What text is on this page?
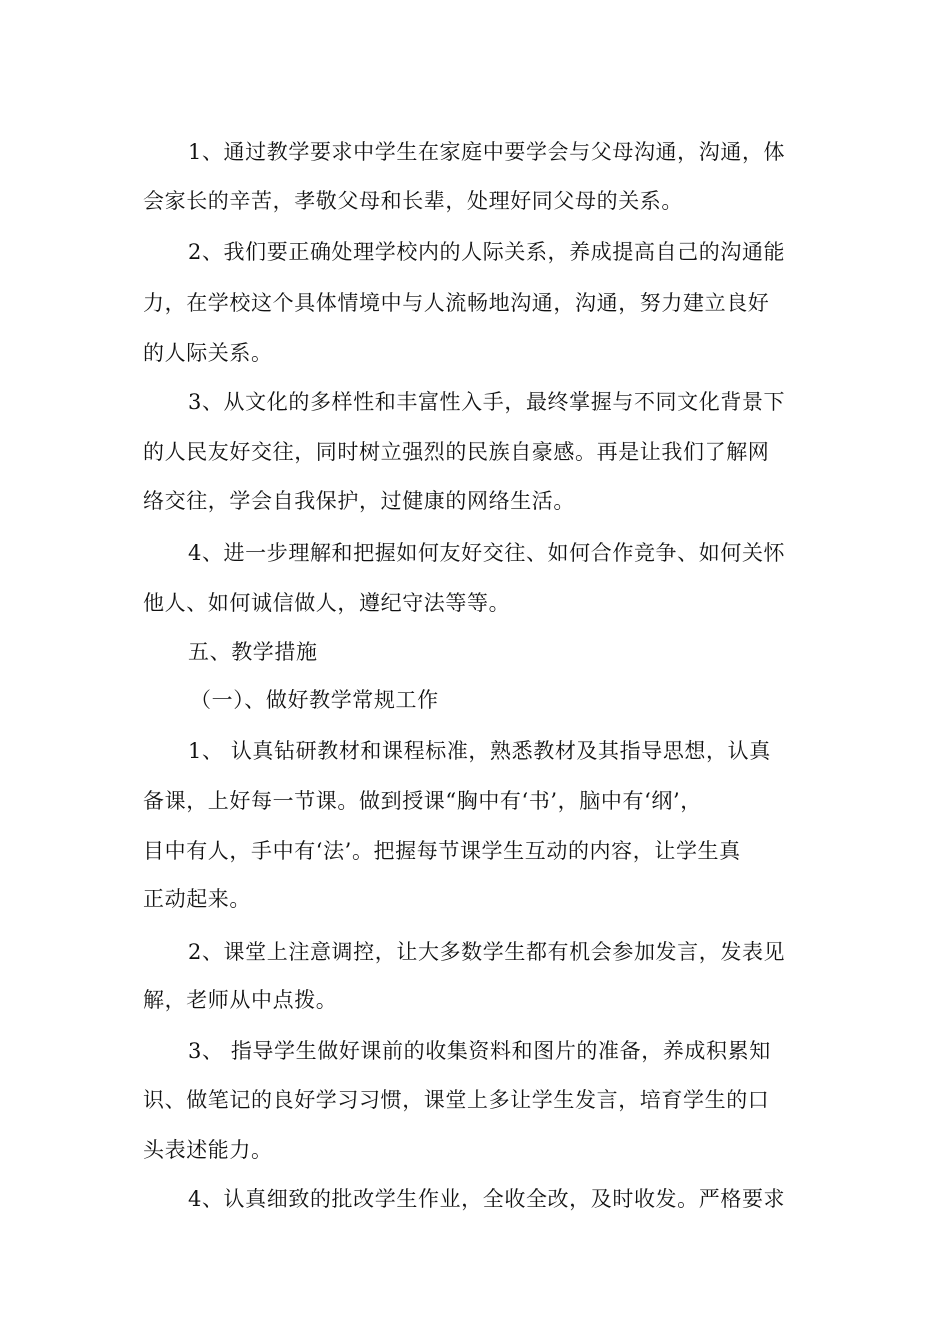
1、通过教学要求中学生在家庭中要学会与父母沟通，沟通，体
会家长的辛苦，孝敬父母和长辈，处理好同父母的关系。
2、我们要正确处理学校内的人际关系，养成提高自己的沟通能
力，在学校这个具体情境中与人流畅地沟通，沟通，努力建立良好
的人际关系。
3、从文化的多样性和丰富性入手，最终掌握与不同文化背景下
的人民友好交往，同时树立强烈的民族自豪感。再是让我们了解网
络交往，学会自我保护，过健康的网络生活。
4、进一步理解和把握如何友好交往、如何合作竞争、如何关怀
他人、如何诚信做人，遵纪守法等等。
五、教学措施
（一）、做好教学常规工作
1、 认真钻研教材和课程标准，熟悉教材及其指导思想，认真
备课，上好每一节课。做到授课“胸中有‘书’，脑中有‘纲’，
目中有人，手中有‘法’。把握每节课学生互动的内容，让学生真
正动起来。
2、课堂上注意调控，让大多数学生都有机会参加发言，发表见
解，老师从中点拨。
3、 指导学生做好课前的收集资料和图片的准备，养成积累知
识、做笔记的良好学习习惯，课堂上多让学生发言，培育学生的口
头表述能力。
4、认真细致的批改学生作业，全收全改，及时收发。严格要求
